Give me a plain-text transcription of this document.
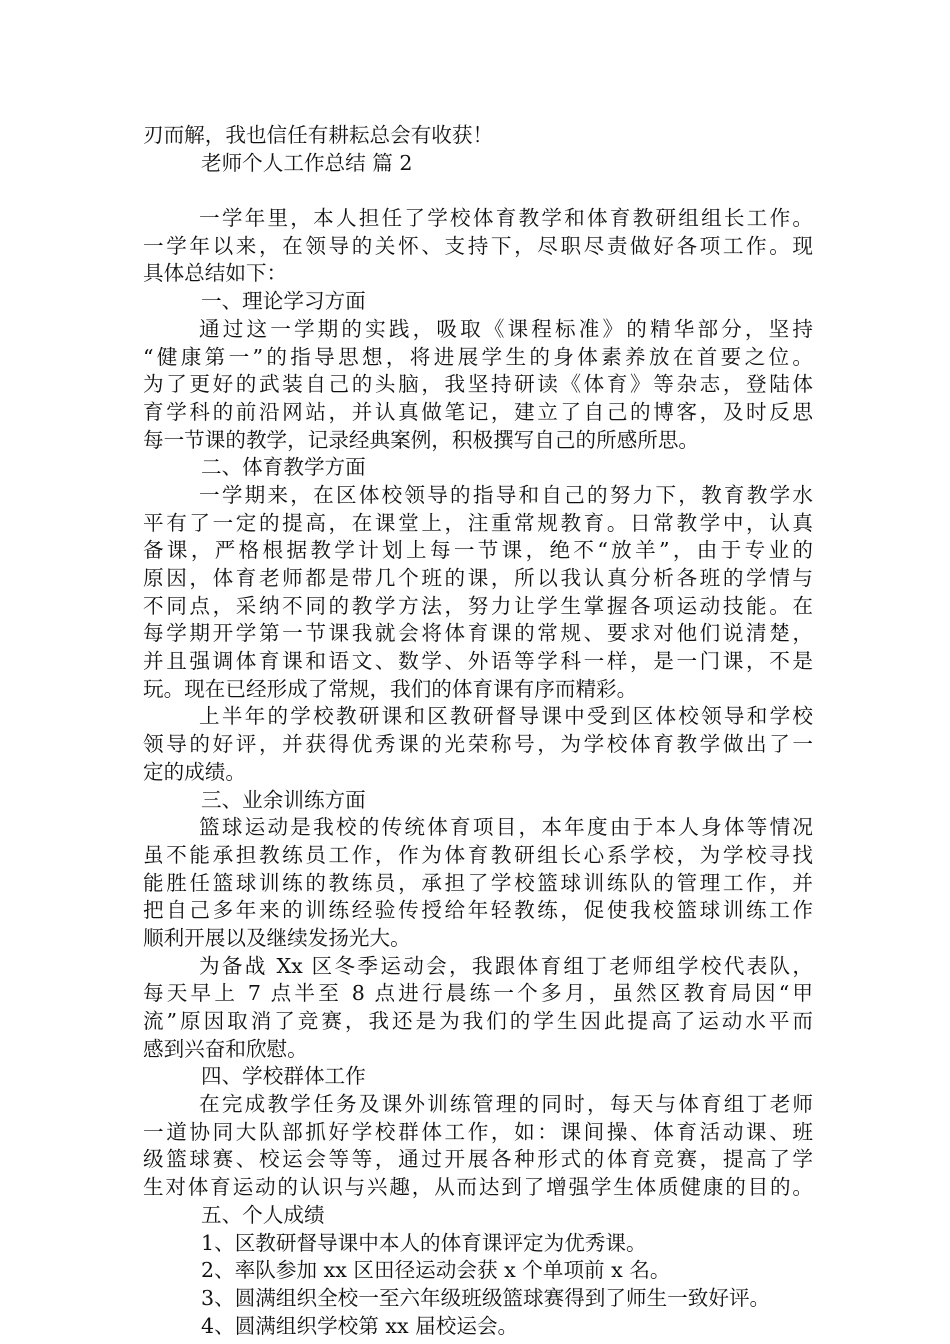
刃而解，我也信任有耕耘总会有收获！
老师个人工作总结 篇 2
一学年里，本人担任了学校体育教学和体育教研组组长工作。
一学年以来，在领导的关怀、支持下，尽职尽责做好各项工作。现
具体总结如下：
一、理论学习方面
通过这一学期的实践，吸取《课程标准》的精华部分，坚持
“健康第一”的指导思想，将进展学生的身体素养放在首要之位。
为了更好的武装自己的头脑，我坚持研读《体育》等杂志，登陆体
育学科的前沿网站，并认真做笔记，建立了自己的博客，及时反思
每一节课的教学，记录经典案例，积极撰写自己的所感所思。
二、体育教学方面
一学期来，在区体校领导的指导和自己的努力下，教育教学水
平有了一定的提高，在课堂上，注重常规教育。日常教学中，认真
备课，严格根据教学计划上每一节课，绝不“放羊”，由于专业的
原因，体育老师都是带几个班的课，所以我认真分析各班的学情与
不同点，采纳不同的教学方法，努力让学生掌握各项运动技能。在
每学期开学第一节课我就会将体育课的常规、要求对他们说清楚，
并且强调体育课和语文、数学、外语等学科一样，是一门课，不是
玩。现在已经形成了常规，我们的体育课有序而精彩。
上半年的学校教研课和区教研督导课中受到区体校领导和学校
领导的好评，并获得优秀课的光荣称号，为学校体育教学做出了一
定的成绩。
三、业余训练方面
篮球运动是我校的传统体育项目，本年度由于本人身体等情况
虽不能承担教练员工作，作为体育教研组长心系学校，为学校寻找
能胜任篮球训练的教练员，承担了学校篮球训练队的管理工作，并
把自己多年来的训练经验传授给年轻教练，促使我校篮球训练工作
顺利开展以及继续发扬光大。
为备战 Xx 区冬季运动会，我跟体育组丁老师组学校代表队，
每天早上 7 点半至 8 点进行晨练一个多月，虽然区教育局因“甲
流”原因取消了竞赛，我还是为我们的学生因此提高了运动水平而
感到兴奋和欣慰。
四、学校群体工作
在完成教学任务及课外训练管理的同时，每天与体育组丁老师
一道协同大队部抓好学校群体工作，如：课间操、体育活动课、班
级篮球赛、校运会等等，通过开展各种形式的体育竞赛，提高了学
生对体育运动的认识与兴趣，从而达到了增强学生体质健康的目的。
五、个人成绩
1、区教研督导课中本人的体育课评定为优秀课。
2、率队参加 xx 区田径运动会获 x 个单项前 x 名。
3、圆满组织全校一至六年级班级篮球赛得到了师生一致好评。
4、圆满组织学校第 xx 届校运会。
